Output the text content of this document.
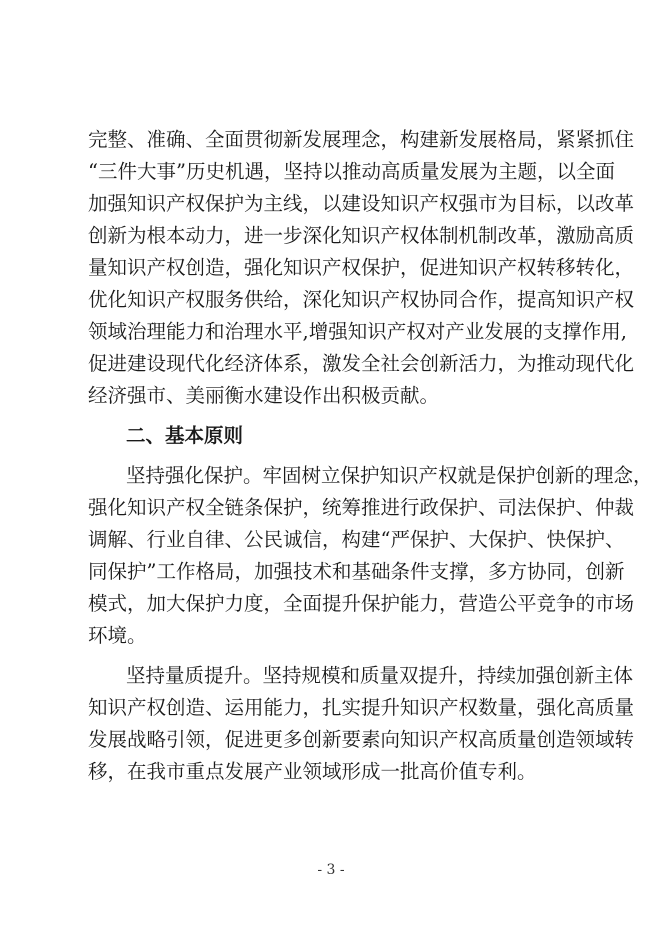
完整、准确、全面贯彻新发展理念，构建新发展格局，紧紧抓住
“三件大事”历史机遇，坚持以推动高质量发展为主题，以全面
加强知识产权保护为主线，以建设知识产权强市为目标，以改革
创新为根本动力，进一步深化知识产权体制机制改革，激励高质
量知识产权创造，强化知识产权保护，促进知识产权转移转化，
优化知识产权服务供给，深化知识产权协同合作，提高知识产权
领域治理能力和治理水平,增强知识产权对产业发展的支撑作用,
促进建设现代化经济体系，激发全社会创新活力，为推动现代化
经济强市、美丽衡水建设作出积极贡献。
二、基本原则
坚持强化保护。牢固树立保护知识产权就是保护创新的理念，
强化知识产权全链条保护，统筹推进行政保护、司法保护、仲裁
调解、行业自律、公民诚信，构建“严保护、大保护、快保护、
同保护”工作格局，加强技术和基础条件支撑，多方协同，创新
模式，加大保护力度，全面提升保护能力，营造公平竞争的市场
环境。
坚持量质提升。坚持规模和质量双提升，持续加强创新主体
知识产权创造、运用能力，扎实提升知识产权数量，强化高质量
发展战略引领，促进更多创新要素向知识产权高质量创造领域转
移，在我市重点发展产业领域形成一批高价值专利。
- 3 -
